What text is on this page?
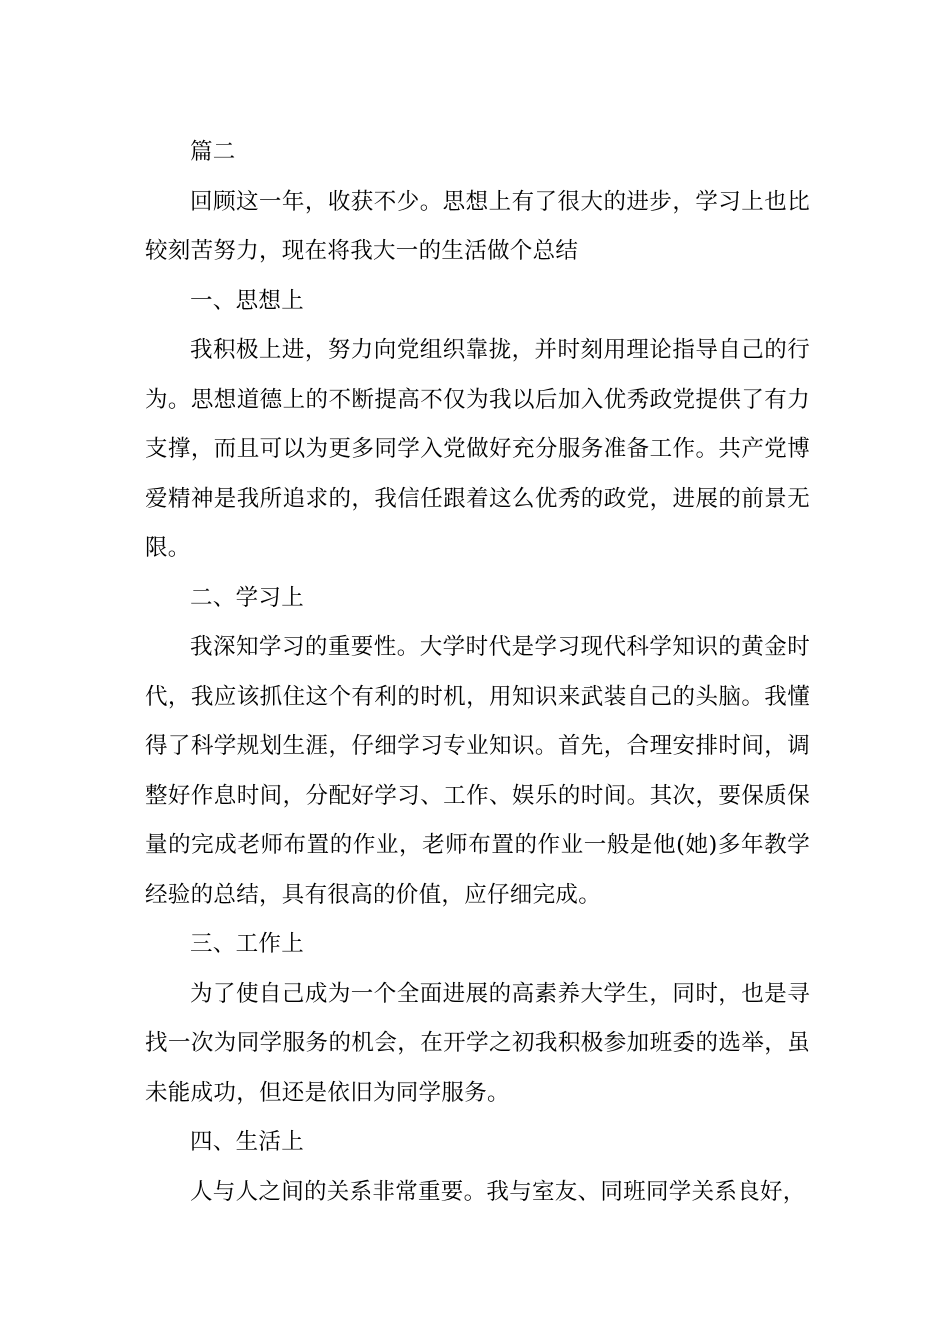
篇二

回顾这一年，收获不少。思想上有了很大的进步，学习上也比较刻苦努力，现在将我大一的生活做个总结

一、思想上

我积极上进，努力向党组织靠拢，并时刻用理论指导自己的行为。思想道德上的不断提高不仅为我以后加入优秀政党提供了有力支撑，而且可以为更多同学入党做好充分服务准备工作。共产党博爱精神是我所追求的，我信任跟着这么优秀的政党，进展的前景无限。

二、学习上

我深知学习的重要性。大学时代是学习现代科学知识的黄金时代，我应该抓住这个有利的时机，用知识来武装自己的头脑。我懂得了科学规划生涯，仔细学习专业知识。首先，合理安排时间，调整好作息时间，分配好学习、工作、娱乐的时间。其次，要保质保量的完成老师布置的作业，老师布置的作业一般是他(她)多年教学经验的总结，具有很高的价值，应仔细完成。

三、工作上

为了使自己成为一个全面进展的高素养大学生，同时，也是寻找一次为同学服务的机会，在开学之初我积极参加班委的选举，虽未能成功，但还是依旧为同学服务。

四、生活上

人与人之间的关系非常重要。我与室友、同班同学关系良好，
